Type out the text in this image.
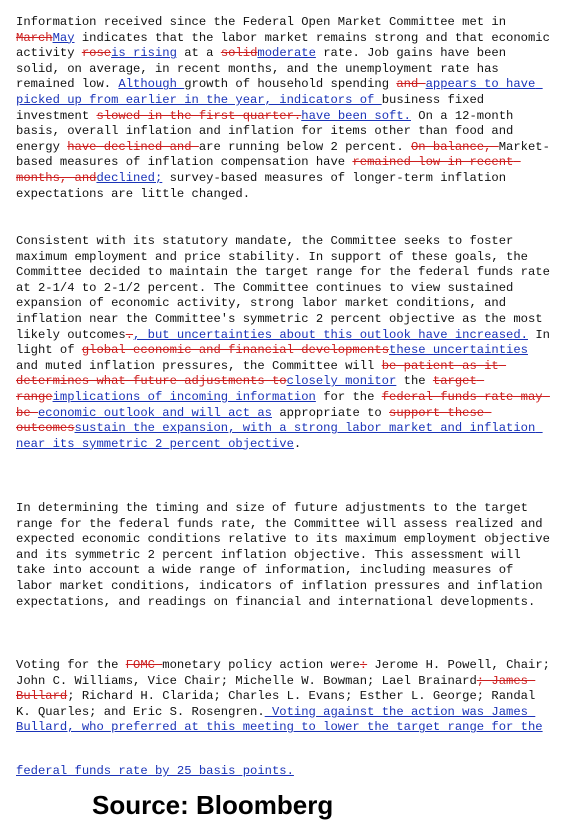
Information received since the Federal Open Market Committee met in MarchMay indicates that the labor market remains strong and that economic activity roseis rising at a solidmoderate rate. Job gains have been solid, on average, in recent months, and the unemployment rate has remained low. Although growth of household spending and appears to have picked up from earlier in the year, indicators of business fixed investment slowed in the first quarter.have been soft. On a 12-month basis, overall inflation and inflation for items other than food and energy have declined and are running below 2 percent. On balance, Market-based measures of inflation compensation have remained low in recent months, anddeclined; survey-based measures of longer-term inflation expectations are little changed.

Consistent with its statutory mandate, the Committee seeks to foster maximum employment and price stability. In support of these goals, the Committee decided to maintain the target range for the federal funds rate at 2-1/4 to 2-1/2 percent. The Committee continues to view sustained expansion of economic activity, strong labor market conditions, and inflation near the Committee's symmetric 2 percent objective as the most likely outcomes., but uncertainties about this outlook have increased. In light of global economic and financial developmentsthese uncertainties and muted inflation pressures, the Committee will be patient as it determines what future adjustments toclosely monitor the target rangeimplications of incoming information for the federal funds rate may be economic outlook and will act as appropriate to support these outcomessustain the expansion, with a strong labor market and inflation near its symmetric 2 percent objective.

In determining the timing and size of future adjustments to the target range for the federal funds rate, the Committee will assess realized and expected economic conditions relative to its maximum employment objective and its symmetric 2 percent inflation objective. This assessment will take into account a wide range of information, including measures of labor market conditions, indicators of inflation pressures and inflation expectations, and readings on financial and international developments.

Voting for the FOMC monetary policy action were: Jerome H. Powell, Chair; John C. Williams, Vice Chair; Michelle W. Bowman; Lael Brainard; James Bullard; Richard H. Clarida; Charles L. Evans; Esther L. George; Randal K. Quarles; and Eric S. Rosengren. Voting against the action was James Bullard, who preferred at this meeting to lower the target range for the

federal funds rate by 25 basis points.

Source: Bloomberg
